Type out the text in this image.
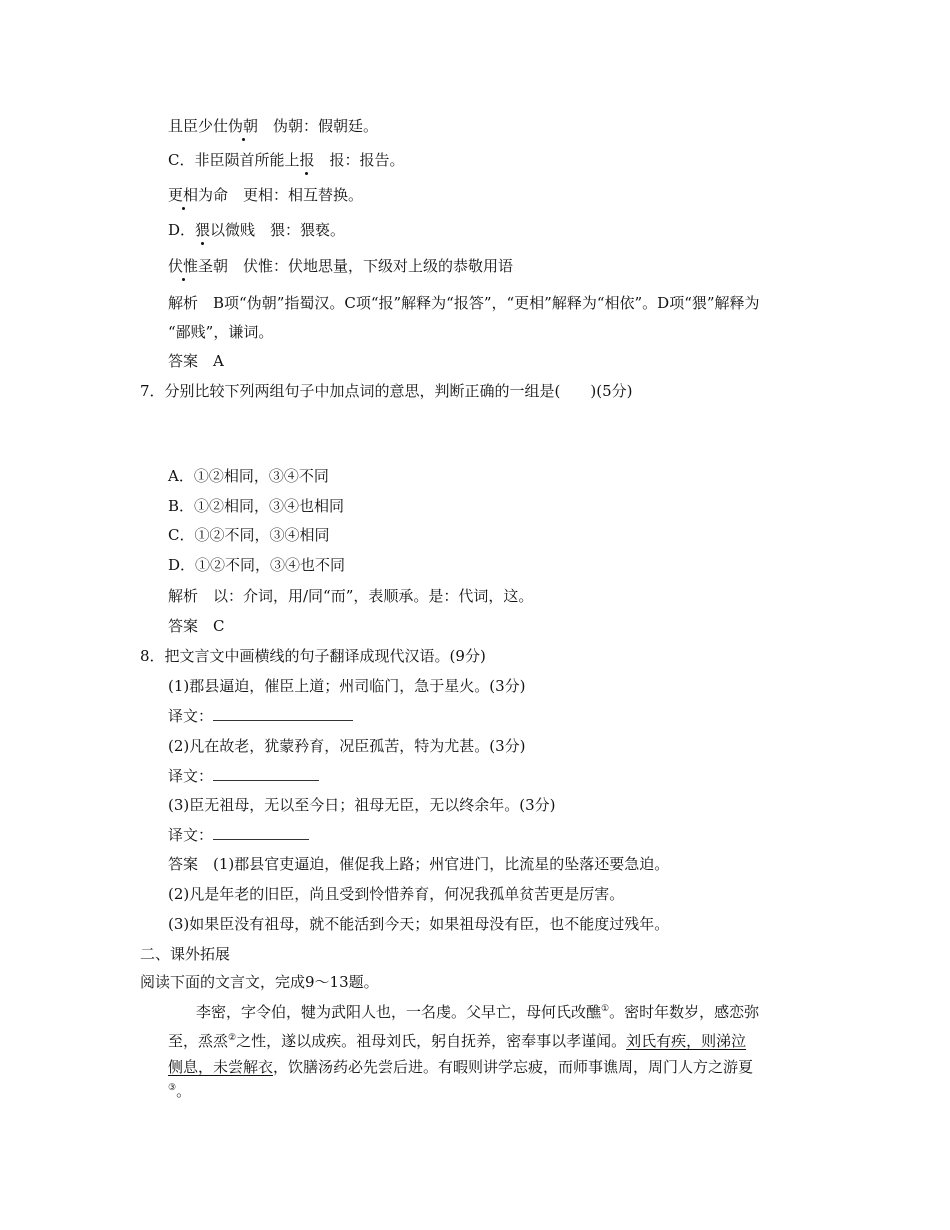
且臣少仕伪朝　伪朝：假朝廷。
C．非臣陨首所能上报　报：报告。
更相为命　更相：相互替换。
D．猥以微贱　猥：猥亵。
伏惟圣朝　伏惟：伏地思量，下级对上级的恭敬用语
解析　B项“伪朝”指蜀汉。C项“报”解释为“报答”，“更相”解释为“相依”。D项“猥”解释为
“鄙贱”，谦词。
答案　A
7．分别比较下列两组句子中加点词的意思，判断正确的一组是(　　)(5分)
A．①②相同，③④不同
B．①②相同，③④也相同
C．①②不同，③④相同
D．①②不同，③④也不同
解析　以：介词，用/同“而”，表顺承。是：代词，这。
答案　C
8．把文言文中画横线的句子翻译成现代汉语。(9分)
(1)郡县逼迫，催臣上道；州司临门，急于星火。(3分)
译文：
(2)凡在故老，犹蒙矜育，况臣孤苦，特为尤甚。(3分)
译文：
(3)臣无祖母，无以至今日；祖母无臣，无以终余年。(3分)
译文：
答案　(1)郡县官吏逼迫，催促我上路；州官进门，比流星的坠落还要急迫。
(2)凡是年老的旧臣，尚且受到怜惜养育，何况我孤单贫苦更是厉害。
(3)如果臣没有祖母，就不能活到今天；如果祖母没有臣，也不能度过残年。
二、课外拓展
阅读下面的文言文，完成9～13题。
李密，字令伯，犍为武阳人也，一名虔。父早亡，母何氏改醮①。密时年数岁，感恋弥
至，烝烝②之性，遂以成疾。祖母刘氏，躬自抚养，密奉事以孝谨闻。刘氏有疾，则涕泣
侧息，未尝解衣，饮膳汤药必先尝后进。有暇则讲学忘疲，而师事谯周，周门人方之游夏
③。
